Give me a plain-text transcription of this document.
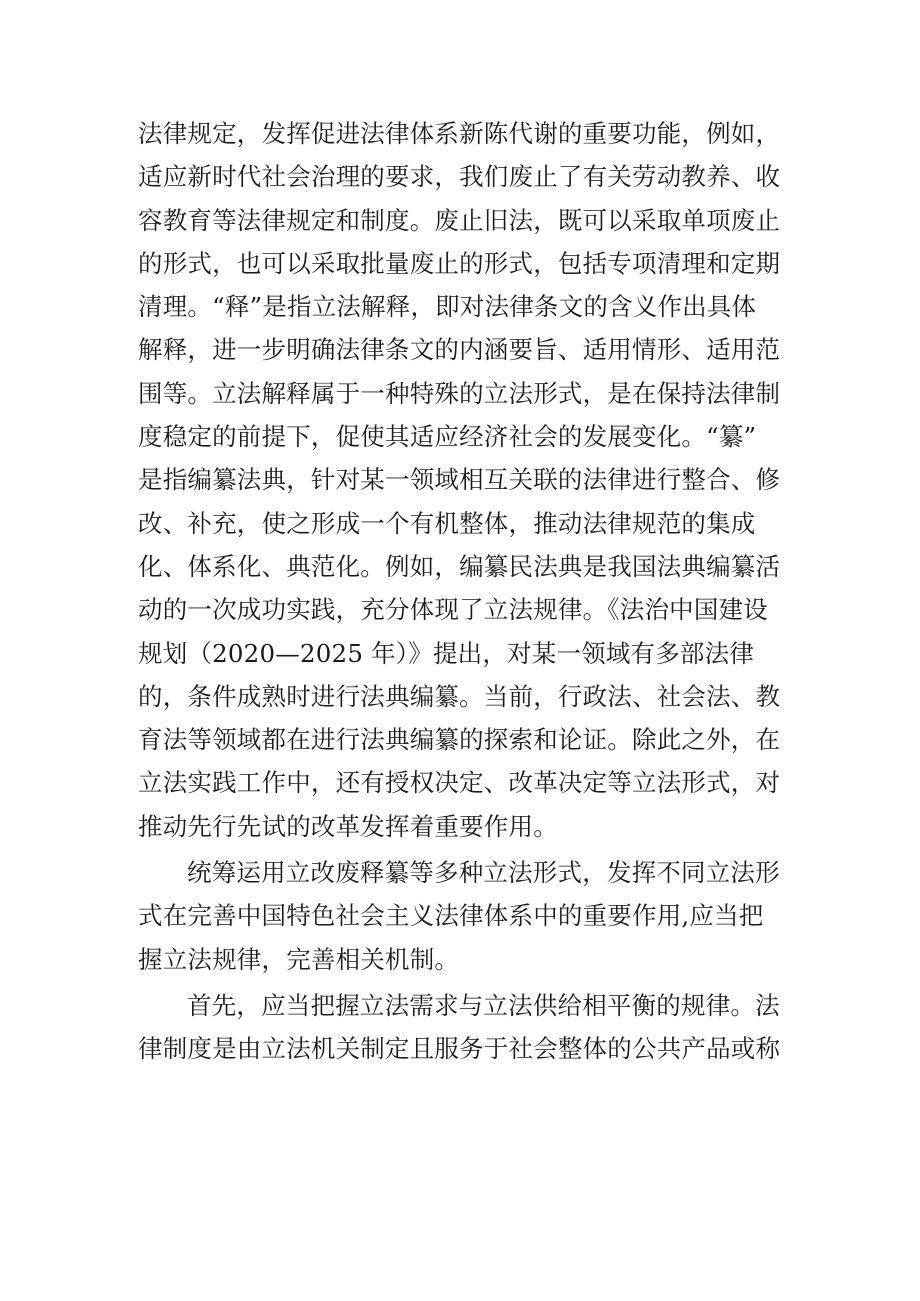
法律规定，发挥促进法律体系新陈代谢的重要功能，例如，
适应新时代社会治理的要求，我们废止了有关劳动教养、收
容教育等法律规定和制度。废止旧法，既可以采取单项废止
的形式，也可以采取批量废止的形式，包括专项清理和定期
清理。“释”是指立法解释，即对法律条文的含义作出具体
解释，进一步明确法律条文的内涵要旨、适用情形、适用范
围等。立法解释属于一种特殊的立法形式，是在保持法律制
度稳定的前提下，促使其适应经济社会的发展变化。“纂”
是指编纂法典，针对某一领域相互关联的法律进行整合、修
改、补充，使之形成一个有机整体，推动法律规范的集成
化、体系化、典范化。例如，编纂民法典是我国法典编纂活
动的一次成功实践，充分体现了立法规律。《法治中国建设
规划（2020—2025 年）》提出，对某一领域有多部法律
的，条件成熟时进行法典编纂。当前，行政法、社会法、教
育法等领域都在进行法典编纂的探索和论证。除此之外，在
立法实践工作中，还有授权决定、改革决定等立法形式，对
推动先行先试的改革发挥着重要作用。
统筹运用立改废释纂等多种立法形式，发挥不同立法形
式在完善中国特色社会主义法律体系中的重要作用,应当把
握立法规律，完善相关机制。
首先，应当把握立法需求与立法供给相平衡的规律。法
律制度是由立法机关制定且服务于社会整体的公共产品或称
